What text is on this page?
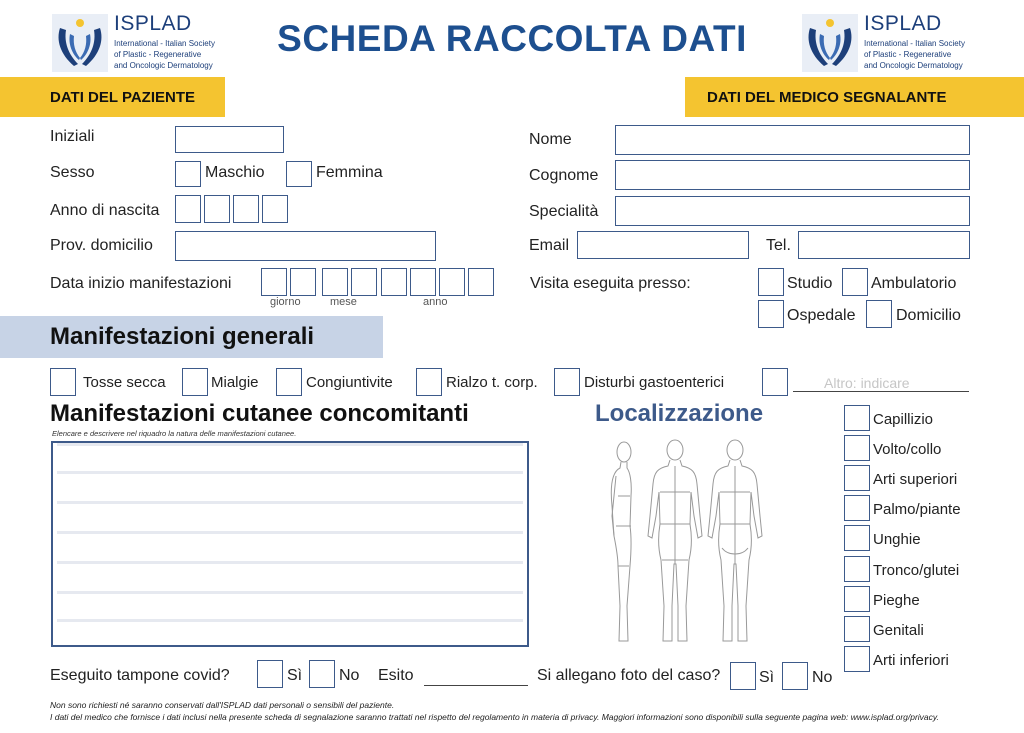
ISPLAD
International - Italian Society
of Plastic - Regenerative
and Oncologic Dermatology
ISPLAD
International - Italian Society
of Plastic - Regenerative
and Oncologic Dermatology
SCHEDA RACCOLTA DATI
DATI DEL PAZIENTE	DATI DEL MEDICO SEGNALANTE
Iniziali
Sesso	Maschio	Femmina
Anno di nascita
Prov. domicilio
Data inizio manifestazioni
giorno	mese	anno
Nome
Cognome
Specialità
Email	Tel.
Visita eseguita presso:	Studio Ambulatorio
Ospedale	Domicilio
Manifestazioni generali
Tosse secca	Mialgie	Congiuntivite	Rialzo t. corp.	Disturbi gastoenterici	Altro: indicare
Manifestazioni cutanee concomitanti
Elencare e descrivere nel riquadro la natura delle manifestazioni cutanee.
Localizzazione	Capillizio
Volto/collo
Arti superiori
Palmo/piante
Unghie
Tronco/glutei
Pieghe
Genitali
Arti inferiori
Eseguito tampone covid?	Sì No Esito	Si allegano foto del caso? Sì No
Non sono richiesti né saranno conservati dall'ISPLAD dati personali o sensibili del paziente.
I dati del medico che fornisce i dati inclusi nella presente scheda di segnalazione saranno trattati nel rispetto del regolamento in materia di privacy. Maggiori informazioni sono disponibili sulla seguente pagina web: www.isplad.org/privacy.
